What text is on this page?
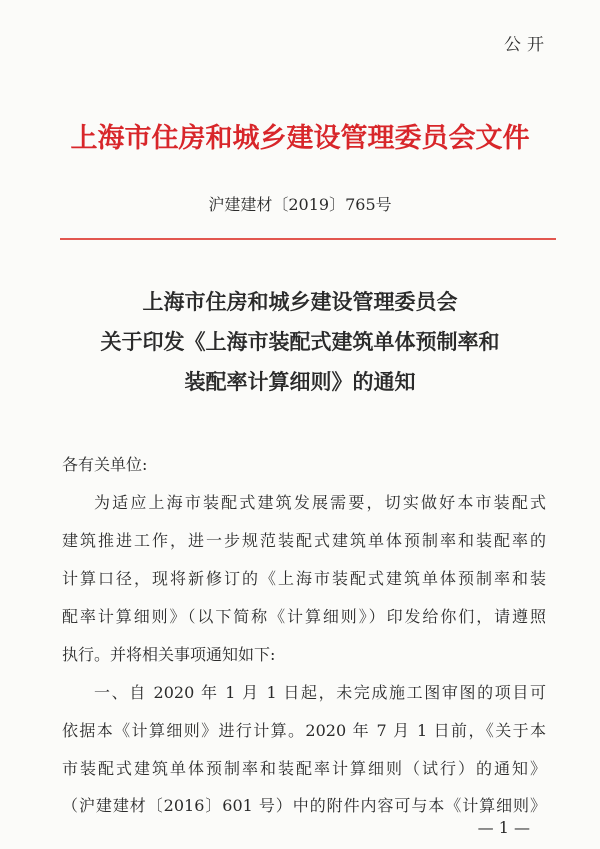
公开
上海市住房和城乡建设管理委员会文件
沪建建材〔2019〕765号
上海市住房和城乡建设管理委员会
关于印发《上海市装配式建筑单体预制率和
装配率计算细则》的通知
各有关单位:
为适应上海市装配式建筑发展需要，切实做好本市装配式
建筑推进工作，进一步规范装配式建筑单体预制率和装配率的
计算口径，现将新修订的《上海市装配式建筑单体预制率和装
配率计算细则》（以下简称《计算细则》）印发给你们，请遵照
执行。并将相关事项通知如下:
一、自 2020 年 1 月 1 日起，未完成施工图审图的项目可
依据本《计算细则》进行计算。2020 年 7 月 1 日前，《关于本
市装配式建筑单体预制率和装配率计算细则（试行）的通知》
（沪建建材〔2016〕601 号）中的附件内容可与本《计算细则》
— 1 —
